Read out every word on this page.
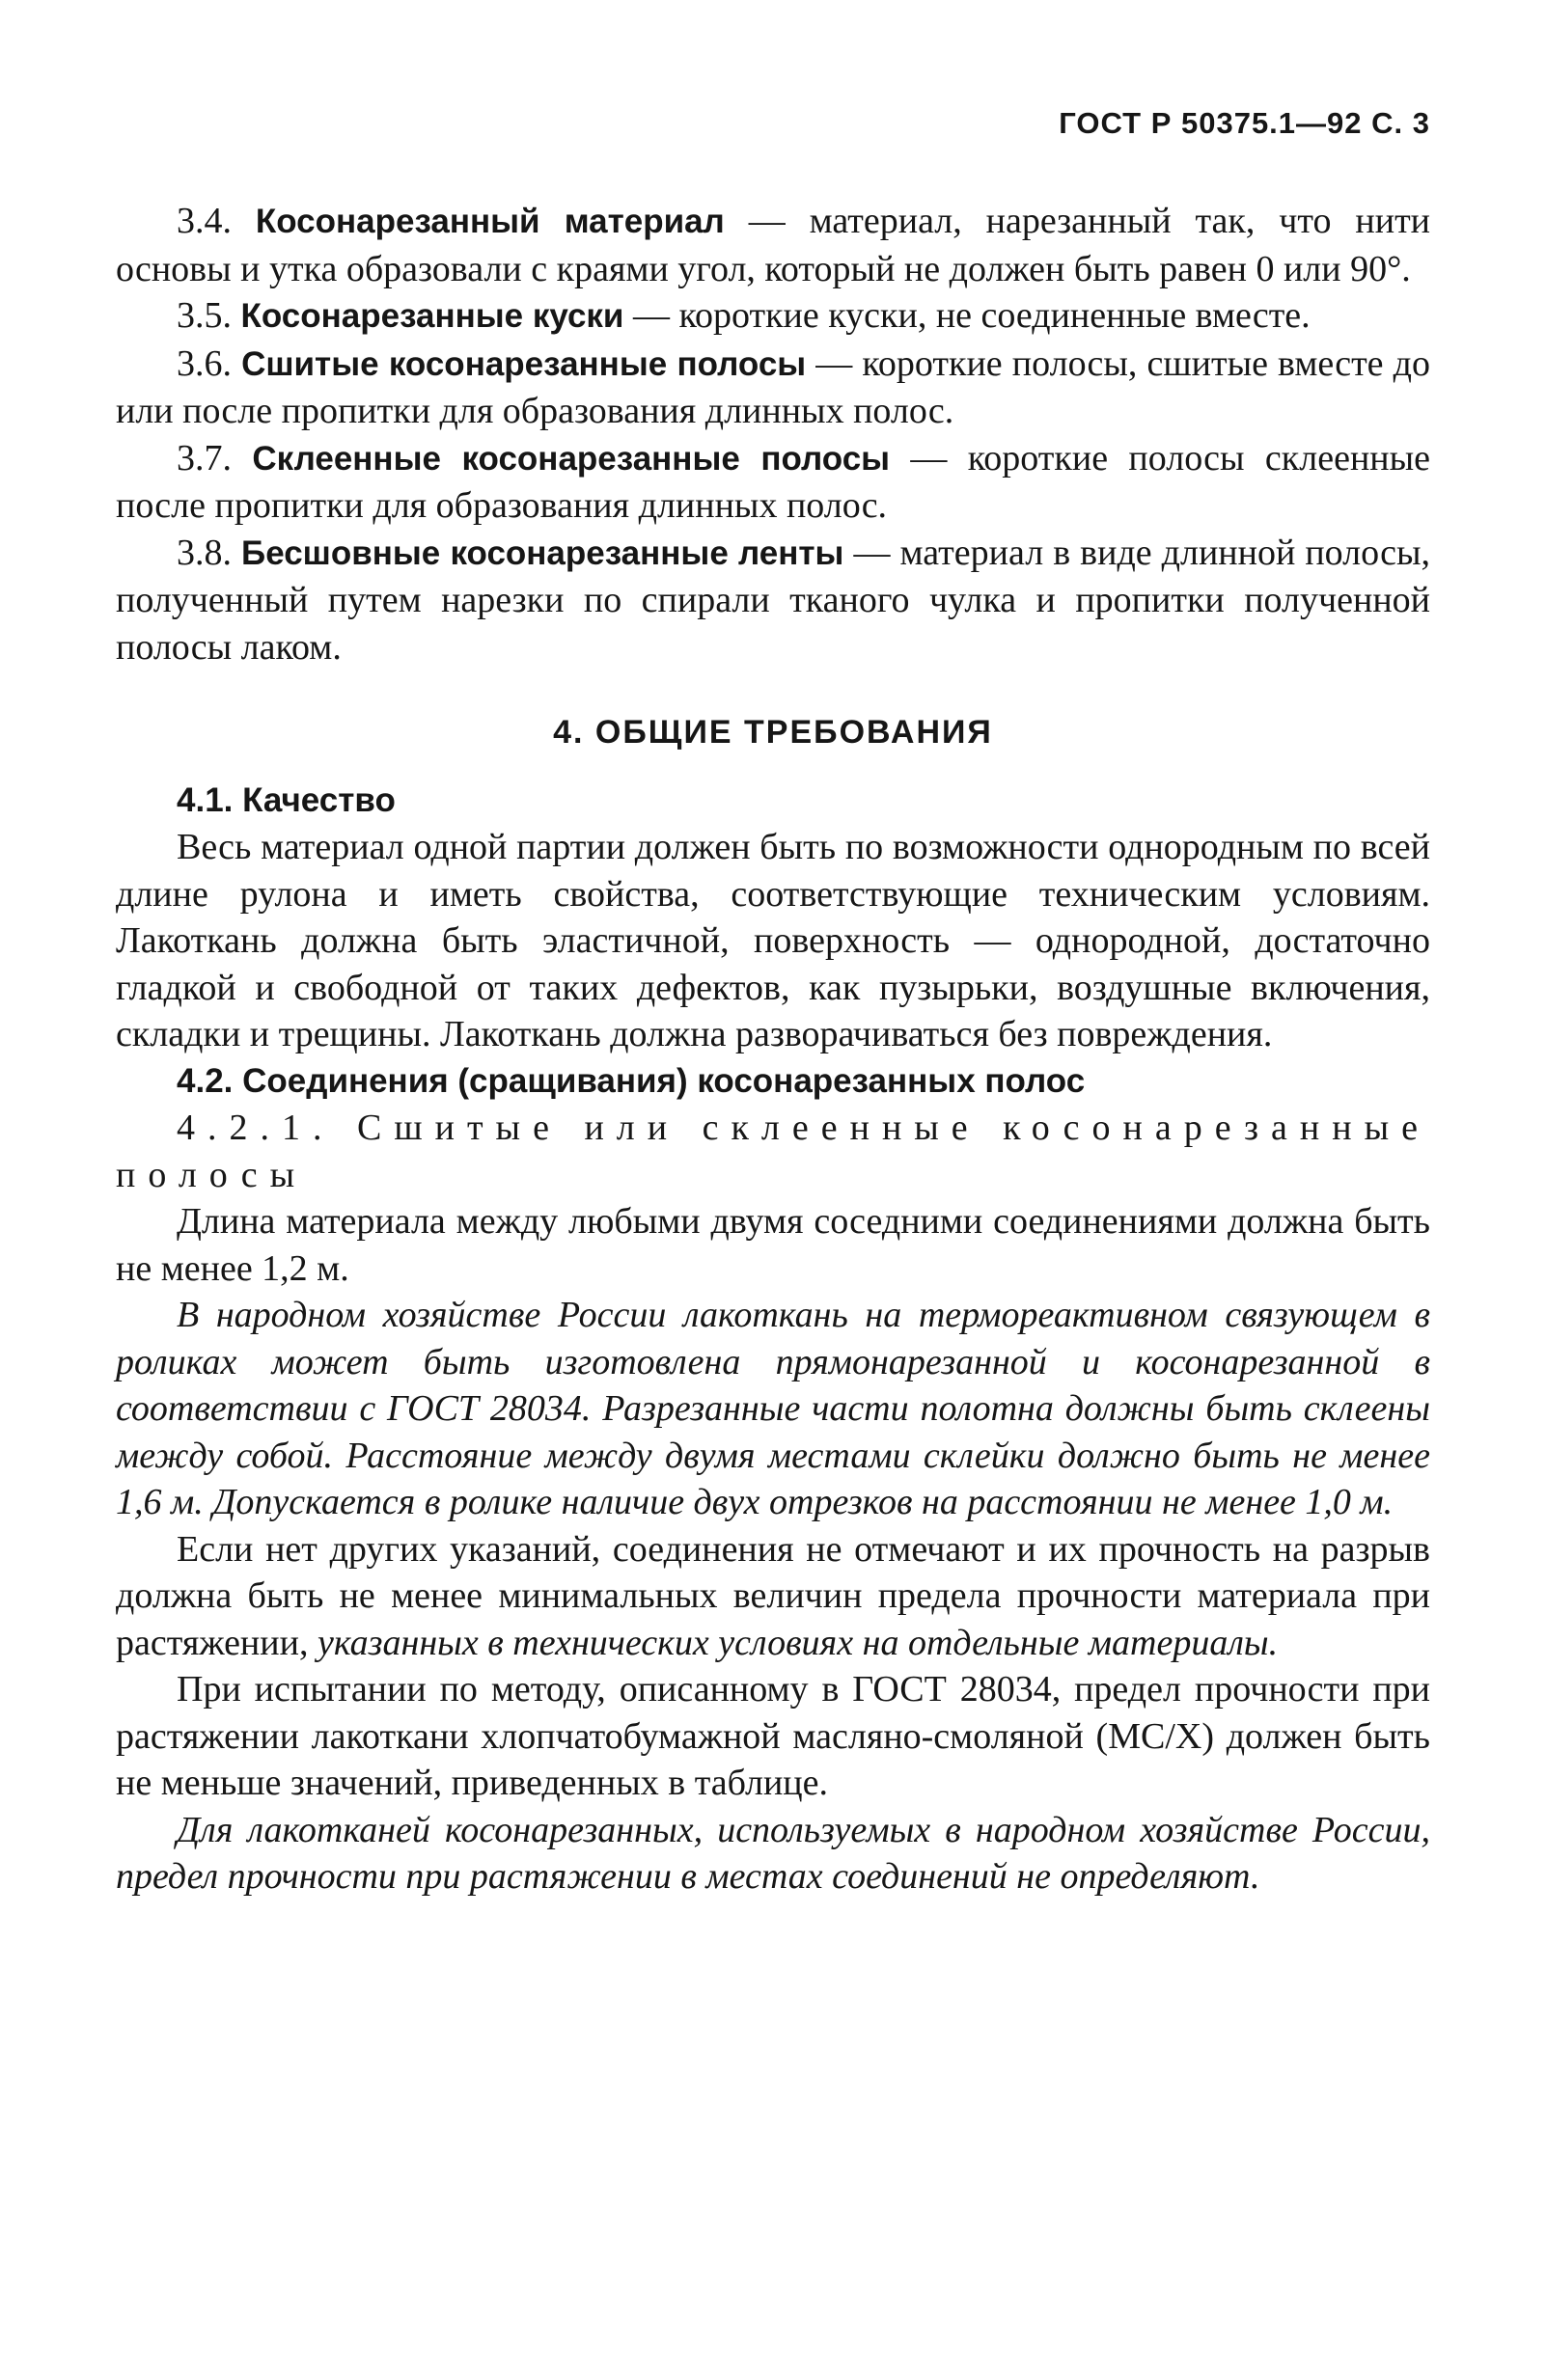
ГОСТ Р 50375.1—92 С. 3

3.4. Косонарезанный материал — материал, нарезанный так, что нити основы и утка образовали с краями угол, который не должен быть равен 0 или 90°.

3.5. Косонарезанные куски — короткие куски, не соединенные вместе.

3.6. Сшитые косонарезанные полосы — короткие полосы, сшитые вместе до или после пропитки для образования длинных полос.

3.7. Склеенные косонарезанные полосы — короткие полосы склеенные после пропитки для образования длинных полос.

3.8. Бесшовные косонарезанные ленты — материал в виде длинной полосы, полученный путем нарезки по спирали тканого чулка и пропитки полученной полосы лаком.

4. ОБЩИЕ ТРЕБОВАНИЯ

4.1. Качество

Весь материал одной партии должен быть по возможности однородным по всей длине рулона и иметь свойства, соответствующие техническим условиям. Лакоткань должна быть эластичной, поверхность — однородной, достаточно гладкой и свободной от таких дефектов, как пузырьки, воздушные включения, складки и трещины. Лакоткань должна разворачиваться без повреждения.

4.2. Соединения (сращивания) косонарезанных полос

4.2.1. Сшитые или склеенные косонарезанные полосы

Длина материала между любыми двумя соседними соединениями должна быть не менее 1,2 м.

В народном хозяйстве России лакоткань на термореактивном связующем в роликах может быть изготовлена прямонарезанной и косонарезанной в соответствии с ГОСТ 28034. Разрезанные части полотна должны быть склеены между собой. Расстояние между двумя местами склейки должно быть не менее 1,6 м. Допускается в ролике наличие двух отрезков на расстоянии не менее 1,0 м.

Если нет других указаний, соединения не отмечают и их прочность на разрыв должна быть не менее минимальных величин предела прочности материала при растяжении, указанных в технических условиях на отдельные материалы.

При испытании по методу, описанному в ГОСТ 28034, предел прочности при растяжении лакоткани хлопчатобумажной масляно-смоляной (МС/Х) должен быть не меньше значений, приведенных в таблице.

Для лакотканей косонарезанных, используемых в народном хозяйстве России, предел прочности при растяжении в местах соединений не определяют.
